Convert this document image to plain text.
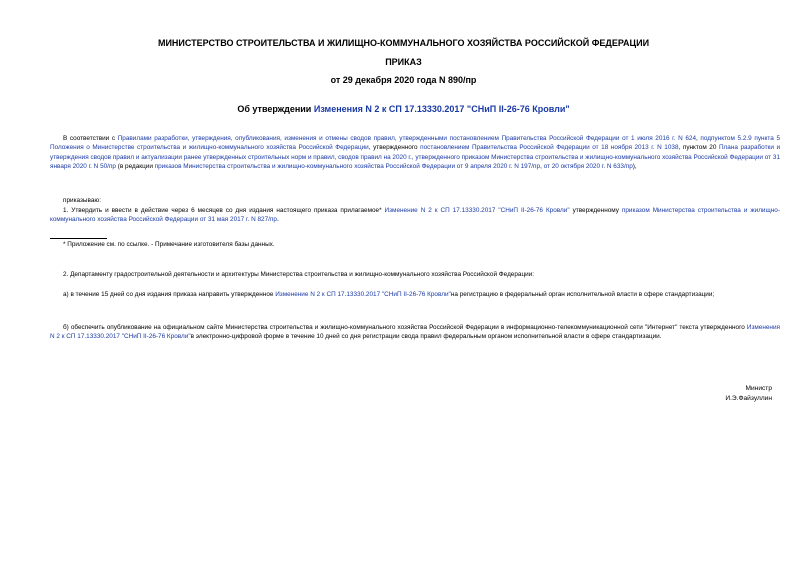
МИНИСТЕРСТВО СТРОИТЕЛЬСТВА И ЖИЛИЩНО-КОММУНАЛЬНОГО ХОЗЯЙСТВА РОССИЙСКОЙ ФЕДЕРАЦИИ
ПРИКАЗ
от 29 декабря 2020 года N 890/пр
Об утверждении Изменения N 2 к СП 17.13330.2017 "СНиП II-26-76 Кровли"
В соответствии с Правилами разработки, утверждения, опубликования, изменения и отмены сводов правил, утвержденными постановлением Правительства Российской Федерации от 1 июля 2016 г. N 624, подпунктом 5.2.9 пункта 5 Положения о Министерстве строительства и жилищно-коммунального хозяйства Российской Федерации, утвержденного постановлением Правительства Российской Федерации от 18 ноября 2013 г. N 1038, пунктом 20 Плана разработки и утверждения сводов правил и актуализации ранее утвержденных строительных норм и правил, сводов правил на 2020 г., утвержденного приказом Министерства строительства и жилищно-коммунального хозяйства Российской Федерации от 31 января 2020 г. N 50/пр (в редакции приказов Министерства строительства и жилищно-коммунального хозяйства Российской Федерации от 9 апреля 2020 г. N 197/пр, от 20 октября 2020 г. N 633/пр),
приказываю:
1. Утвердить и ввести в действие через 6 месяцев со дня издания настоящего приказа прилагаемое* Изменение N 2 к СП 17.13330.2017 "СНиП II-26-76 Кровли" утвержденному приказом Министерства строительства и жилищно-коммунального хозяйства Российской Федерации от 31 мая 2017 г. N 827/пр.
* Приложение см. по ссылке. - Примечание изготовителя базы данных.
2. Департаменту градостроительной деятельности и архитектуры Министерства строительства и жилищно-коммунального хозяйства Российской Федерации:
а) в течение 15 дней со дня издания приказа направить утвержденное Изменение N 2 к СП 17.13330.2017 "СНиП II-26-76 Кровли"на регистрацию в федеральный орган исполнительной власти в сфере стандартизации;
б) обеспечить опубликование на официальном сайте Министерства строительства и жилищно-коммунального хозяйства Российской Федерации в информационно-телекоммуникационной сети "Интернет" текста утвержденного Изменения N 2 к СП 17.13330.2017 "СНиП II-26-76 Кровли"в электронно-цифровой форме в течение 10 дней со дня регистрации свода правил федеральным органом исполнительной власти в сфере стандартизации.
Министр
И.Э.Файзуллин
